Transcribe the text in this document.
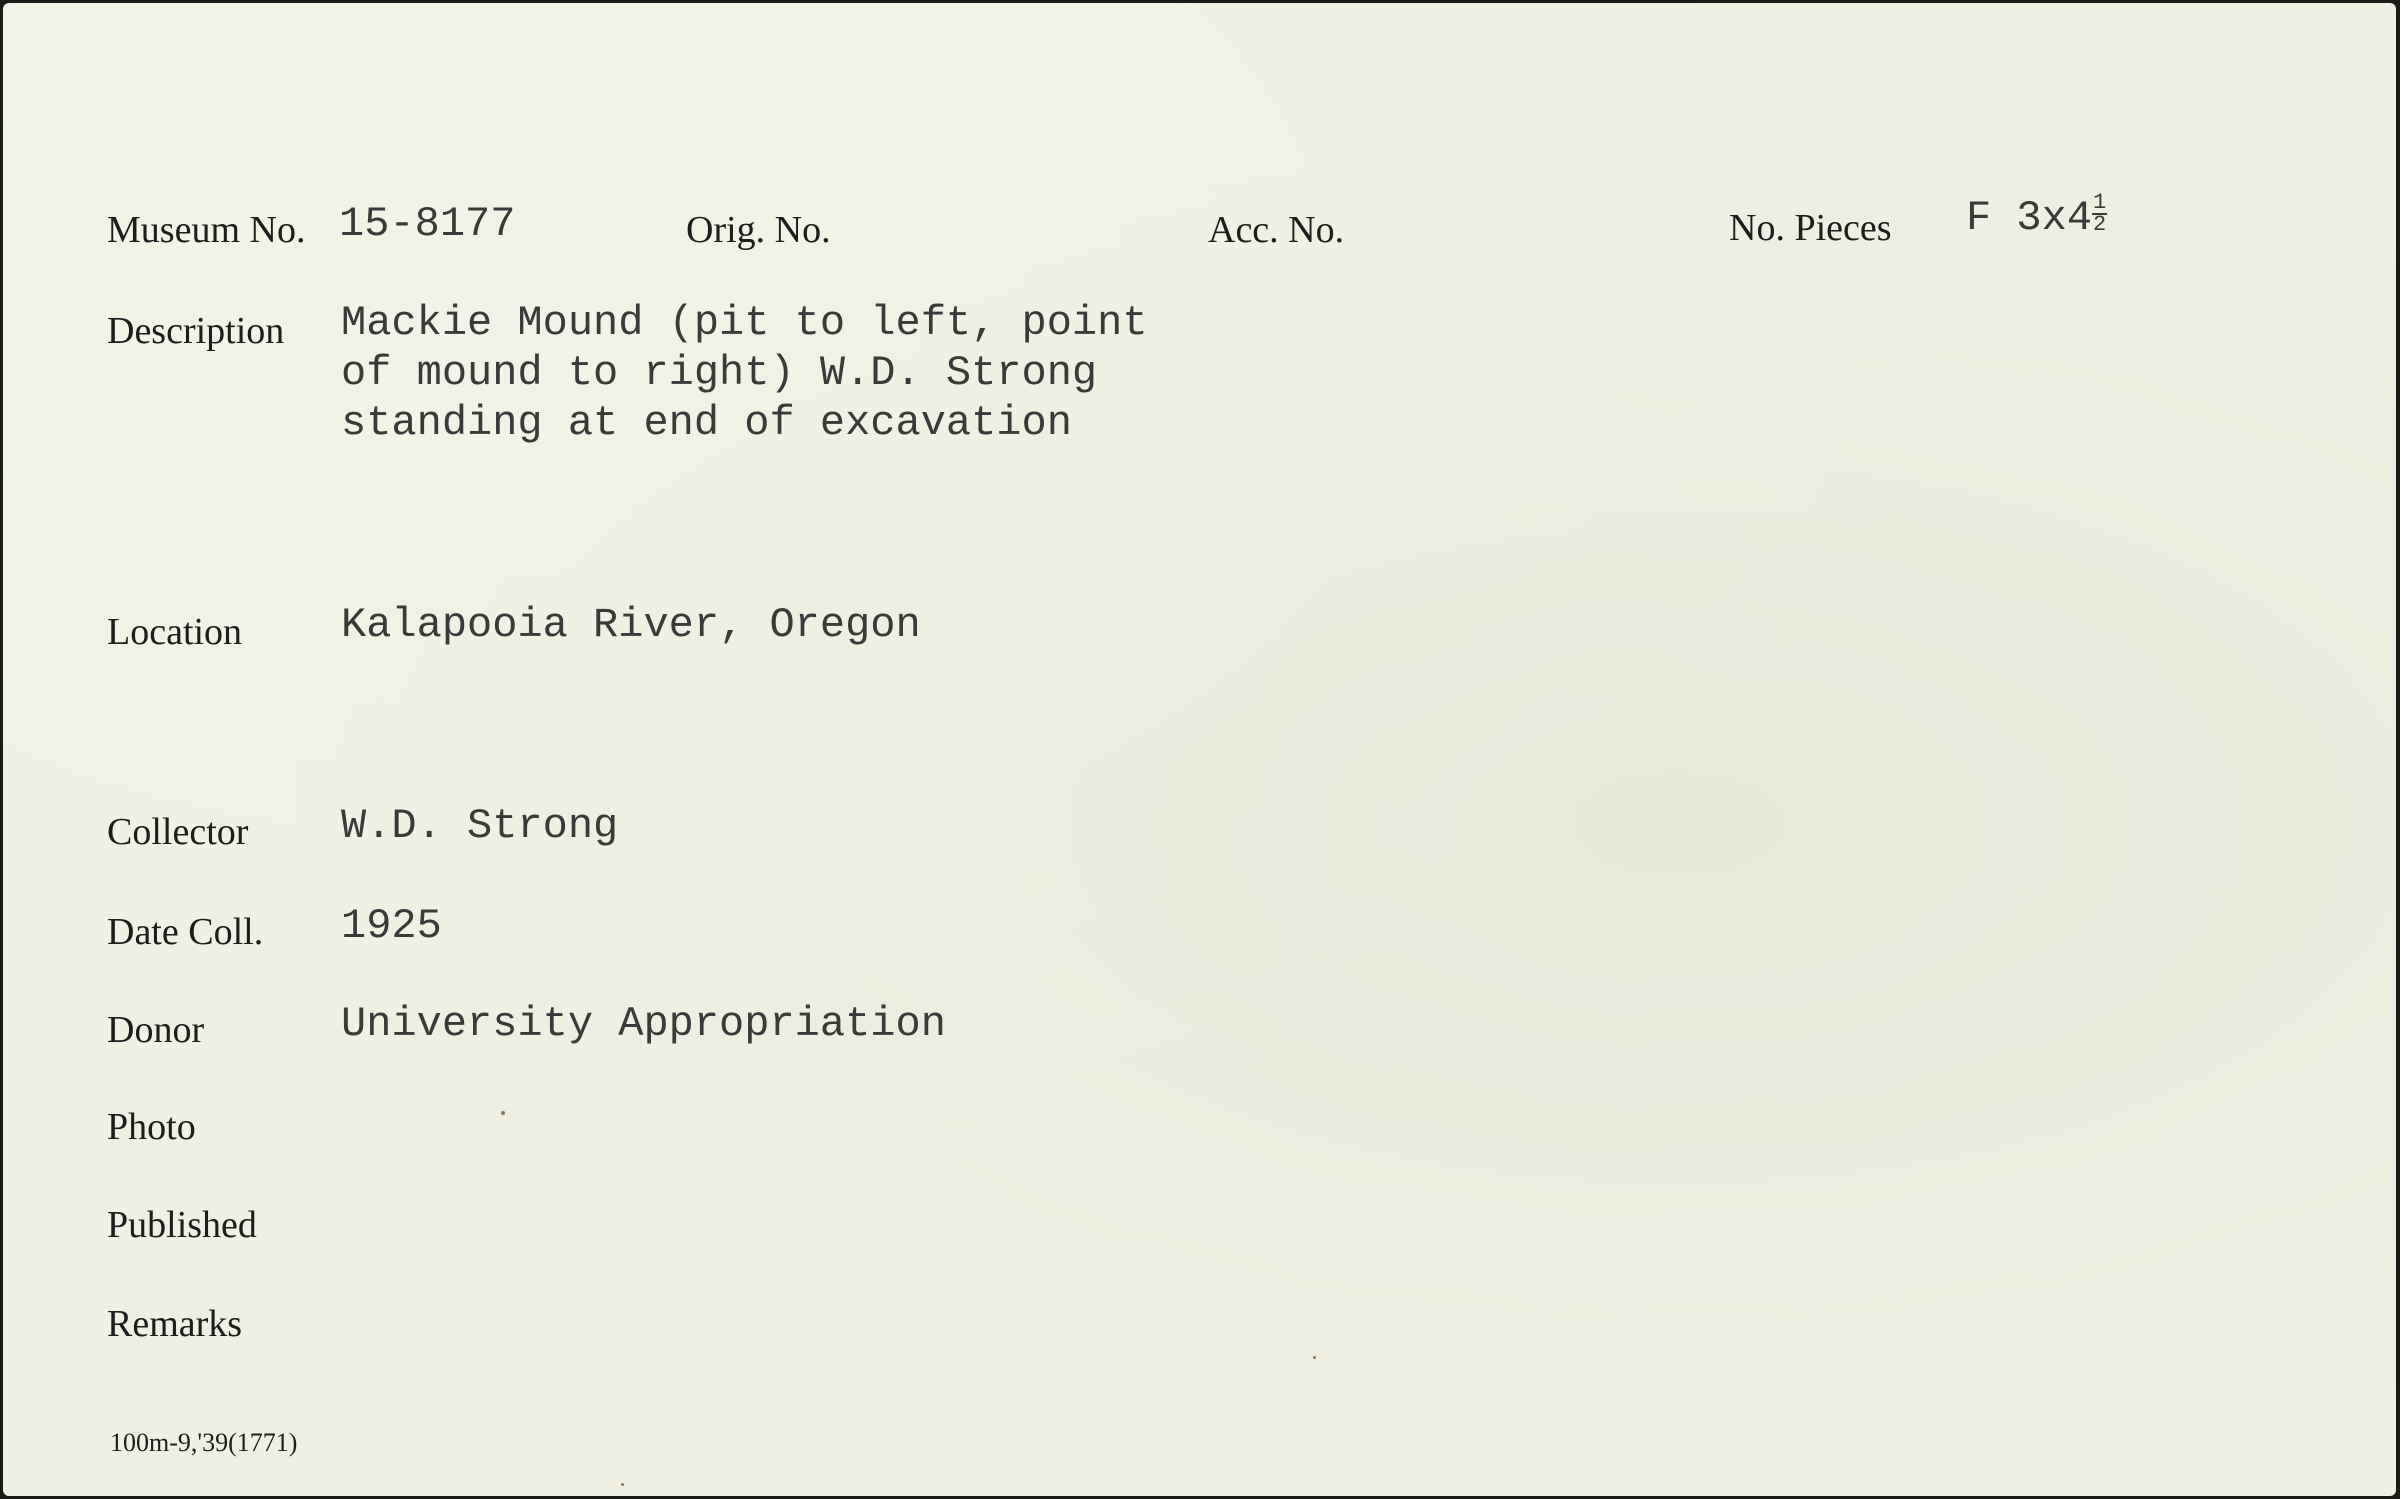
Museum No. 15-8177	Orig. No.	Acc. No.	No. Pieces F $3x4 \frac{1}{2}$
Description Mackie Mound (pit to left, point
of mound to right) W.D. Strong
standing at end of excavation
Location Kalapooia River, Oregon
Collector W.D. Strong
Date Coll. 1925
Donor	University Appropriation
Photo
Published
Remarks
100m-9,'39(1771)
